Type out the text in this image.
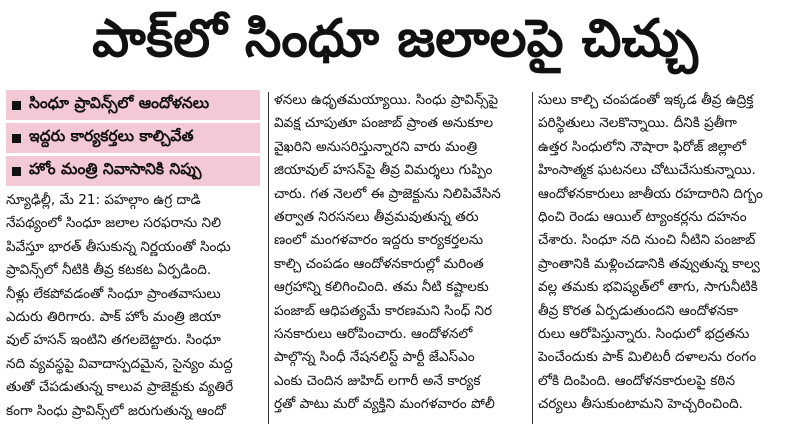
పాక్‌లో సింధూ జలాలపై చిచ్చు
సింధూ ప్రావిన్స్‌లో ఆందోళనలు
ఇద్దరు కార్యకర్తలు కాల్చివేత
హోం మంత్రి నివాసానికి నిప్పు
న్యూఢిల్లీ, మే 21: పహల్గాం ఉగ్ర దాడి
నేపథ్యంలో సింధూ జలాల సరఫరాను నిలి
పివేస్తూ భారత్ తీసుకున్న నిర్ణయంతో సింధు
ప్రావిన్స్‌లో నీటికి తీవ్ర కటకట ఏర్పడింది.
నీళ్లు లేకపోవడంతో సింధూ ప్రాంతవాసులు
ఎదురు తిరిగారు. పాక్ హోం మంత్రి జియా
వుల్ హసన్ ఇంటిని తగలబెట్టారు. సింధూ
నది వ్యవస్థపై వివాదాస్పదమైన, సైన్యం మద్ద
తుతో చేపడుతున్న కాలువ ప్రాజెక్టుకు వ్యతిరే
కంగా సింధు ప్రావిన్స్‌లో జరుగుతున్న ఆందో
ళనలు ఉధృతమయ్యాయి. సింధు ప్రావిన్స్‌పై
వివక్ష చూపుతూ పంజాబ్ ప్రాంత అనుకూల
వైఖరిని అనుసరిస్తున్నారని వారు మంత్రి
జియావుల్ హసన్‌పై తీవ్ర విమర్శలు గుప్పిం
చారు. గత నెలలో ఈ ప్రాజెక్టును నిలిపివేసిన
తర్వాత నిరసనలు తీవ్రమవుతున్న తరు
ణంలో మంగళవారం ఇద్దరు కార్యకర్తలను
కాల్చి చంపడం ఆందోళనకారుల్లో మరింత
ఆగ్రహాన్ని కలిగించింది. తమ నీటి కష్టాలకు
పంజాబ్ ఆధిపత్యమే కారణమని సింధ్ నిర
సనకారులు ఆరోపించారు. ఆందోళనలో
పాల్గొన్న సింధీ నేషనలిస్ట్ పార్టీ జేఎస్ఎం
ఎంకు చెందిన జుహిద్ లగారీ అనే కార్యక
ర్తతో పాటు మరో వ్యక్తిని మంగళవారం పోలీ
సులు కాల్చి చంపడంతో ఇక్కడ తీవ్ర ఉద్రిక్త
పరిస్థితులు నెలకొన్నాయి. దీనికి ప్రతీగా
ఉత్తర సింధులోని నౌషారా ఫిరోజ్ జిల్లాలో
హింసాత్మక ఘటనలు చోటుచేసుకున్నాయి.
ఆందోళనకారులు జాతీయ రహదారిని దిగ్బం
ధించి రెండు ఆయిల్ ట్యాంకర్లను దహనం
చేశారు. సింధూ నది నుంచి నీటిని పంజాబ్
ప్రాంతానికి మళ్లించడానికి తవ్వుతున్న కాల్వ
వల్ల తమకు భవిష్యత్‌లో తాగు, సాగునీటికి
తీవ్ర కొరత ఏర్పడుతుందని ఆందోళనకా
రులు ఆరోపిస్తున్నారు. సింధులో భద్రతను
పెంచేందుకు పాక్ మిలిటరీ దళాలను రంగం
లోకి దింపింది. ఆందోళనకారులపై కఠిన
చర్యలు తీసుకుంటామని హెచ్చరించింది.
